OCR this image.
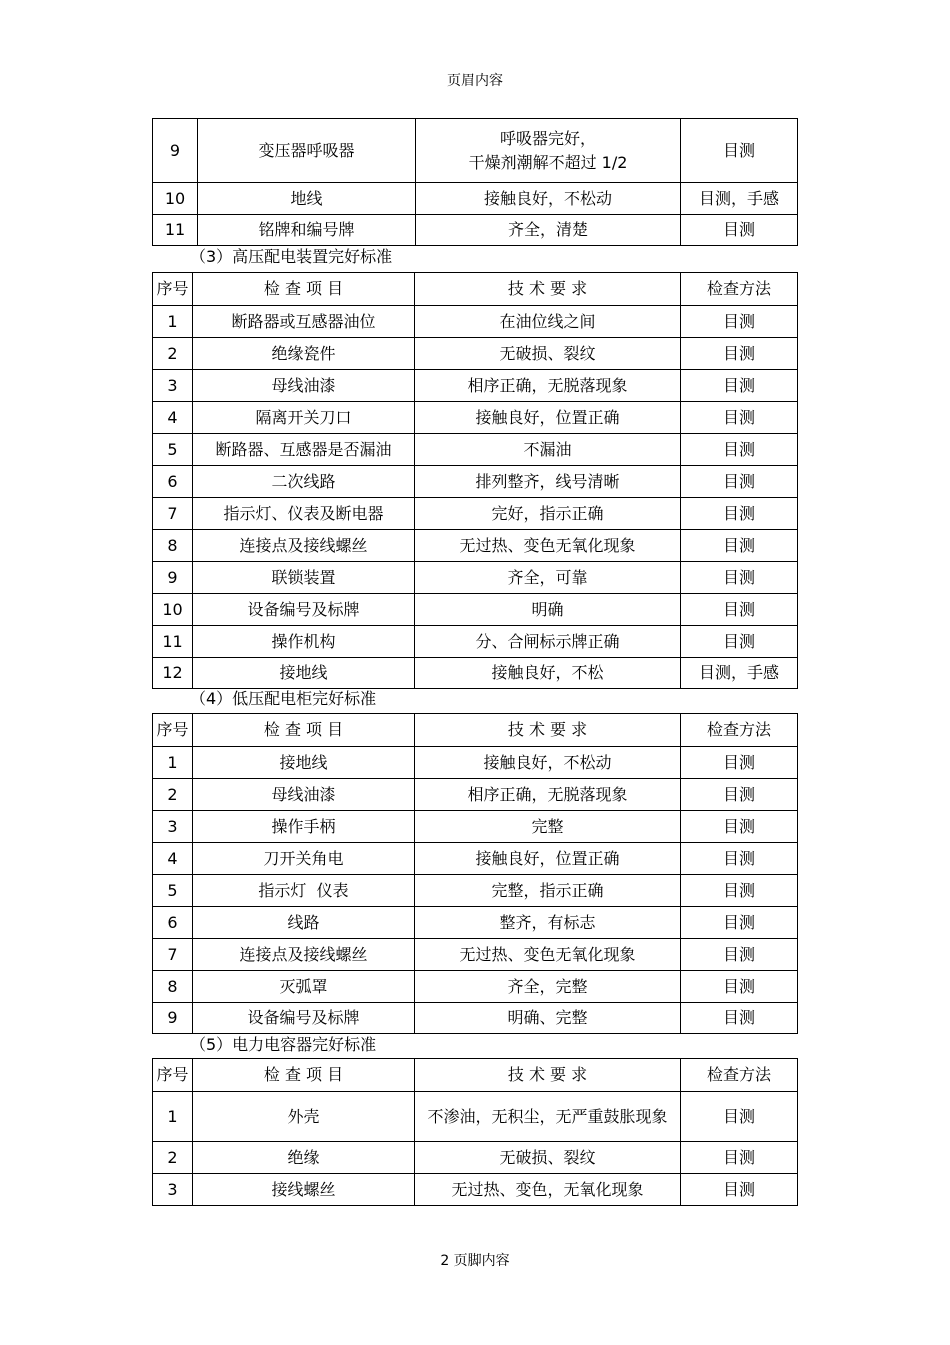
页眉内容
9	变压器呼吸器	呼吸器完好，
干燥剂潮解不超过 1/2	目测
10	地线	接触良好，不松动	目测，手感
11	铭牌和编号牌	齐全，清楚	目测
（3）高压配电装置完好标准
序号	检 查 项 目	技 术 要 求	检查方法
1	断路器或互感器油位	在油位线之间	目测
2	绝缘瓷件	无破损、裂纹	目测
3	母线油漆	相序正确，无脱落现象	目测
4	隔离开关刀口	接触良好，位置正确	目测
5	断路器、互感器是否漏油	不漏油	目测
6	二次线路	排列整齐，线号清晰	目测
7	指示灯、仪表及断电器	完好，指示正确	目测
8	连接点及接线螺丝	无过热、变色无氧化现象	目测
9	联锁装置	齐全，可靠	目测
10	设备编号及标牌	明确	目测
11	操作机构	分、合闸标示牌正确	目测
12	接地线	接触良好，不松	目测，手感
（4）低压配电柜完好标准
序号	检 查 项 目	技 术 要 求	检查方法
1	接地线	接触良好，不松动	目测
2	母线油漆	相序正确，无脱落现象	目测
3	操作手柄	完整	目测
4	刀开关角电	接触良好，位置正确	目测
5	指示灯  仪表	完整，指示正确	目测
6	线路	整齐，有标志	目测
7	连接点及接线螺丝	无过热、变色无氧化现象	目测
8	灭弧罩	齐全，完整	目测
9	设备编号及标牌	明确、完整	目测
（5）电力电容器完好标准
序号	检 查 项 目	技 术 要 求	检查方法
1	外壳	不渗油，无积尘，无严重鼓胀现象	目测
2	绝缘	无破损、裂纹	目测
3	接线螺丝	无过热、变色，无氧化现象	目测
2 页脚内容
